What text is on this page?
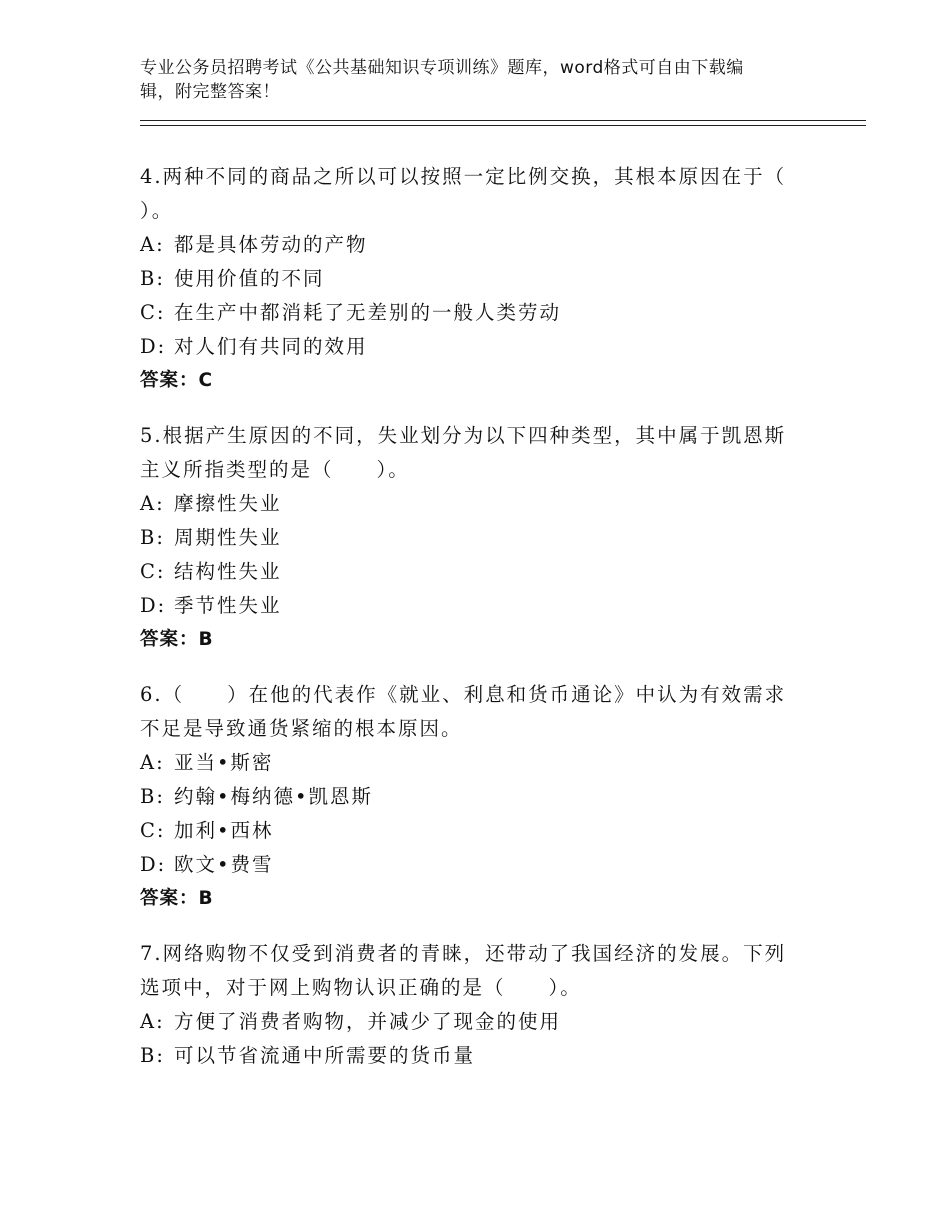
专业公务员招聘考试《公共基础知识专项训练》题库，word格式可自由下载编
辑，附完整答案！
4.两种不同的商品之所以可以按照一定比例交换，其根本原因在于（
）。
A: 都是具体劳动的产物
B: 使用价值的不同
C: 在生产中都消耗了无差别的一般人类劳动
D: 对人们有共同的效用
答案：C
5.根据产生原因的不同，失业划分为以下四种类型，其中属于凯恩斯
主义所指类型的是（　　）。
A: 摩擦性失业
B: 周期性失业
C: 结构性失业
D: 季节性失业
答案：B
6.（　　）在他的代表作《就业、利息和货币通论》中认为有效需求
不足是导致通货紧缩的根本原因。
A: 亚当•斯密
B: 约翰•梅纳德•凯恩斯
C: 加利•西林
D: 欧文•费雪
答案：B
7.网络购物不仅受到消费者的青睐，还带动了我国经济的发展。下列
选项中，对于网上购物认识正确的是（　　）。
A: 方便了消费者购物，并减少了现金的使用
B: 可以节省流通中所需要的货币量
